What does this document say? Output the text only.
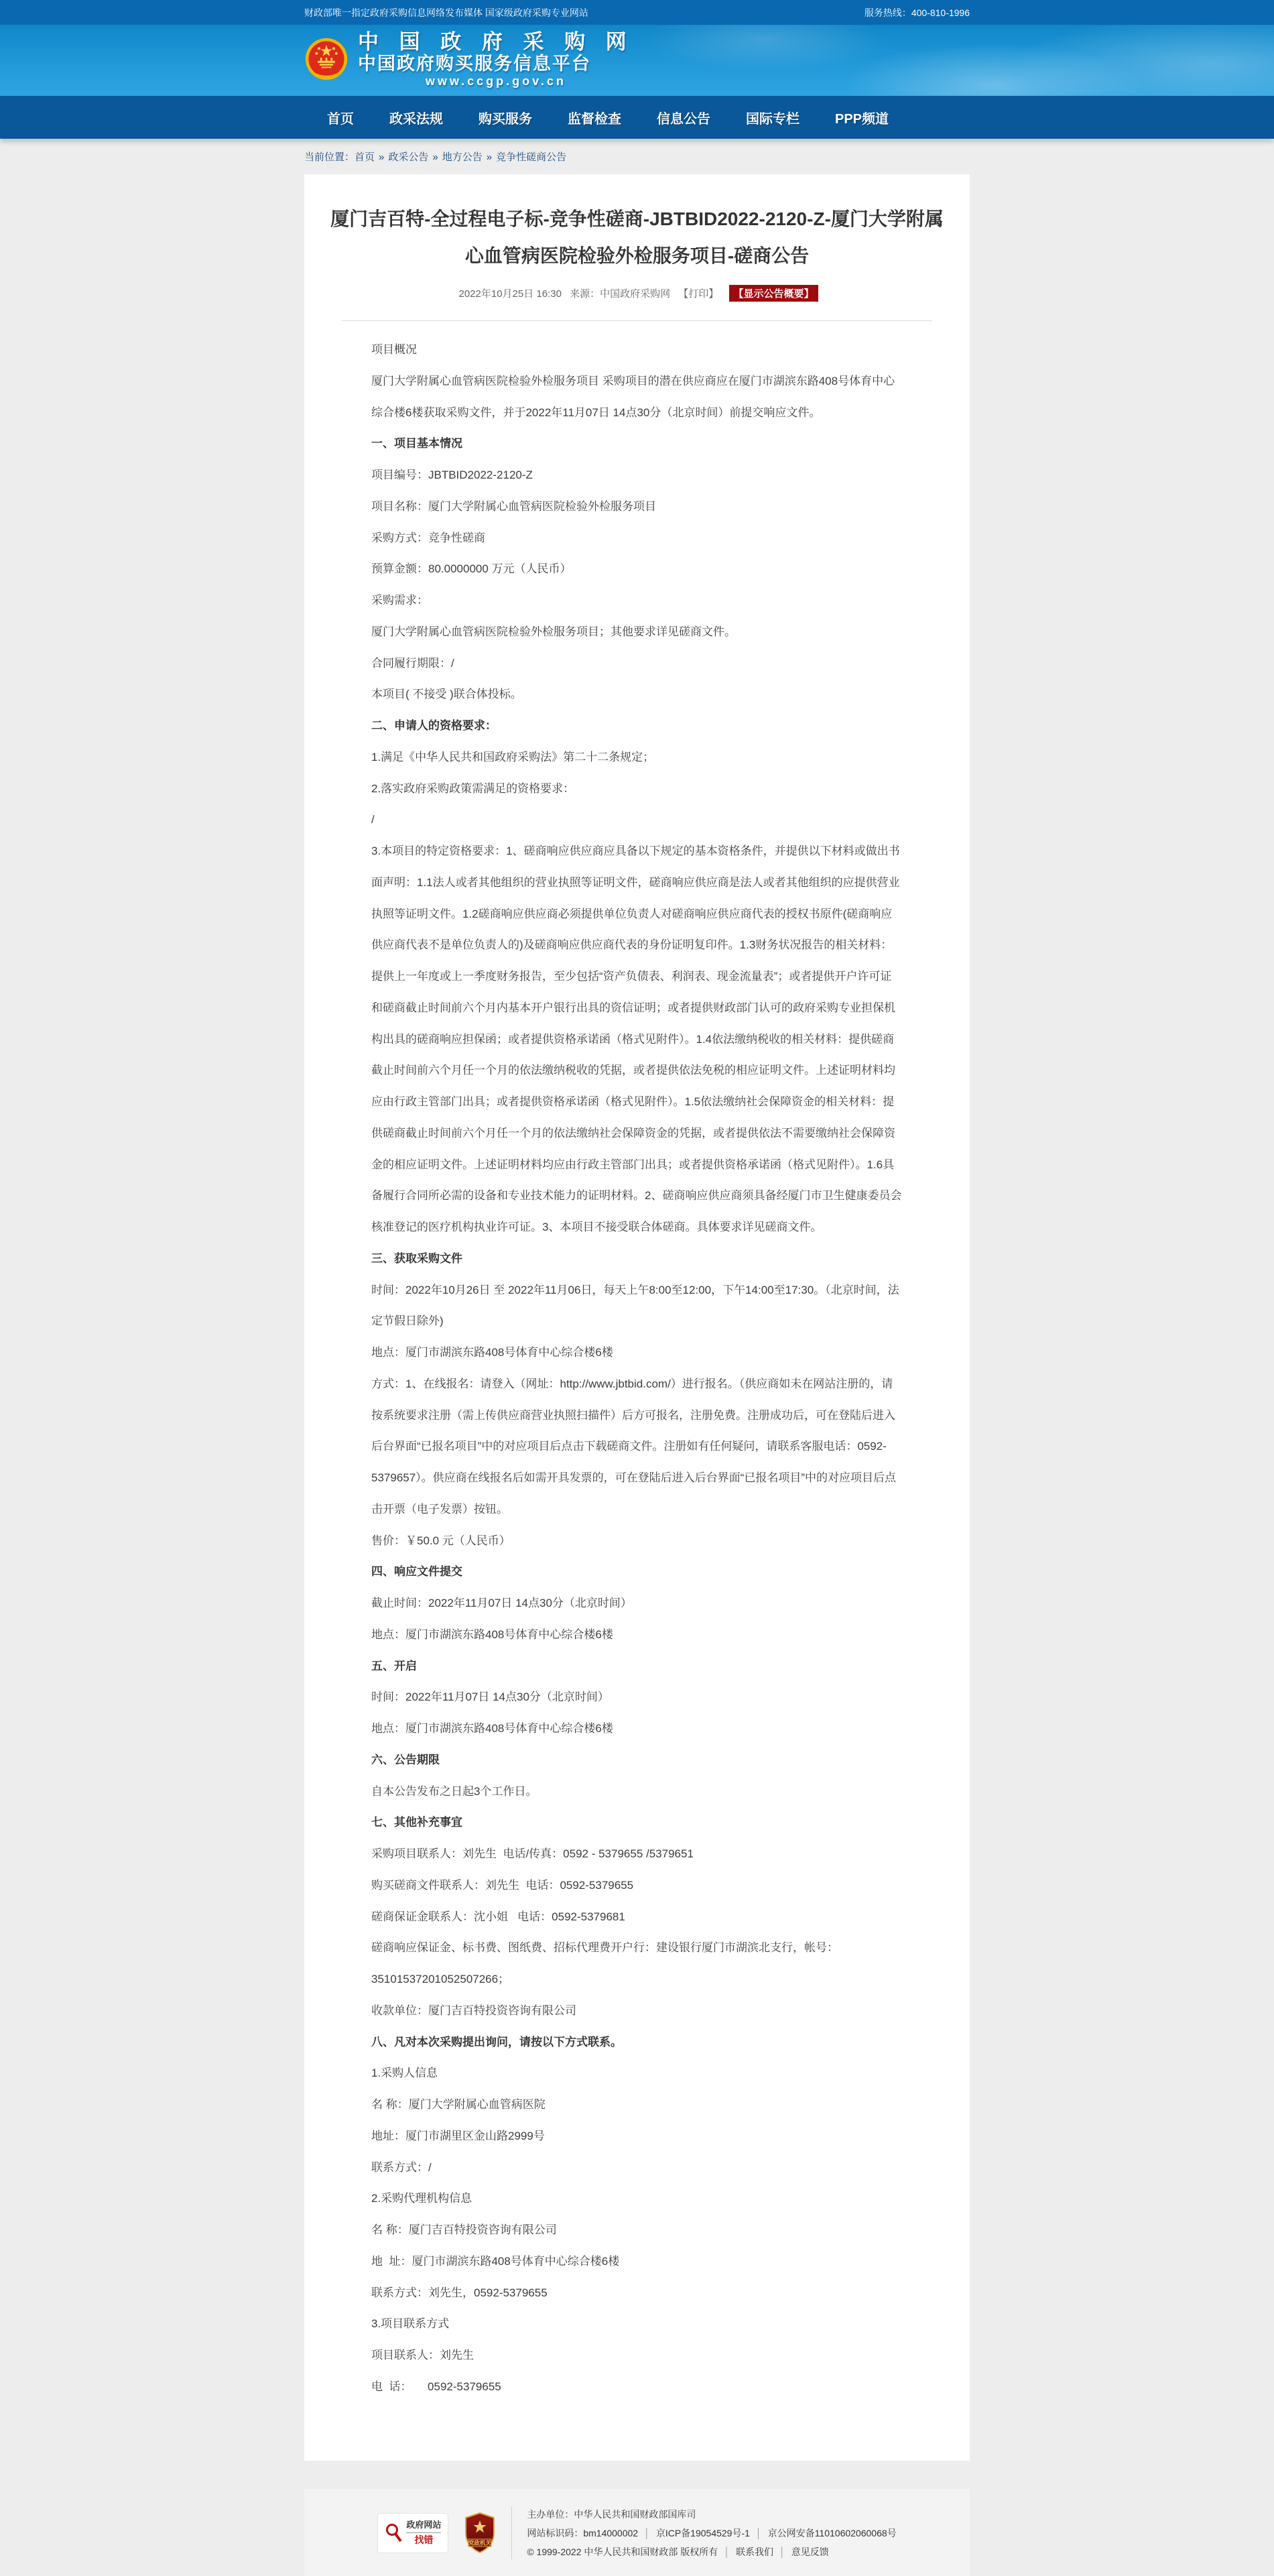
财政部唯一指定政府采购信息网络发布媒体 国家级政府采购专业网站	服务热线：400-810-1996
中 国 政 府 采 购 网
中国政府购买服务信息平台
www.ccgp.gov.cn
首页	政采法规	购买服务	监督检查	信息公告	国际专栏	PPP频道
当前位置：首页 » 政采公告 » 地方公告 » 竞争性磋商公告
厦门吉百特-全过程电子标-竞争性磋商-JBTBID2022-2120-Z-厦门大学附属心血管病医院检验外检服务项目-磋商公告
2022年10月25日 16:30 来源：中国政府采购网 【打印】 【显示公告概要】

项目概况

厦门大学附属心血管病医院检验外检服务项目 采购项目的潜在供应商应在厦门市湖滨东路408号体育中心综合楼6楼获取采购文件，并于2022年11月07日 14点30分（北京时间）前提交响应文件。

一、项目基本情况

项目编号：JBTBID2022-2120-Z

项目名称：厦门大学附属心血管病医院检验外检服务项目

采购方式：竞争性磋商

预算金额：80.0000000 万元（人民币）

采购需求：

厦门大学附属心血管病医院检验外检服务项目；其他要求详见磋商文件。

合同履行期限：/

本项目( 不接受 )联合体投标。

二、申请人的资格要求：

1.满足《中华人民共和国政府采购法》第二十二条规定；

2.落实政府采购政策需满足的资格要求：

/

3.本项目的特定资格要求：1、磋商响应供应商应具备以下规定的基本资格条件，并提供以下材料或做出书面声明：1.1法人或者其他组织的营业执照等证明文件，磋商响应供应商是法人或者其他组织的应提供营业执照等证明文件。1.2磋商响应供应商必须提供单位负责人对磋商响应供应商代表的授权书原件(磋商响应供应商代表不是单位负责人的)及磋商响应供应商代表的身份证明复印件。1.3财务状况报告的相关材料：提供上一年度或上一季度财务报告，至少包括“资产负债表、利润表、现金流量表”；或者提供开户许可证和磋商截止时间前六个月内基本开户银行出具的资信证明；或者提供财政部门认可的政府采购专业担保机构出具的磋商响应担保函；或者提供资格承诺函（格式见附件）。1.4依法缴纳税收的相关材料：提供磋商截止时间前六个月任一个月的依法缴纳税收的凭据，或者提供依法免税的相应证明文件。上述证明材料均应由行政主管部门出具；或者提供资格承诺函（格式见附件）。1.5依法缴纳社会保障资金的相关材料：提供磋商截止时间前六个月任一个月的依法缴纳社会保障资金的凭据，或者提供依法不需要缴纳社会保障资金的相应证明文件。上述证明材料均应由行政主管部门出具；或者提供资格承诺函（格式见附件）。1.6具备履行合同所必需的设备和专业技术能力的证明材料。2、磋商响应供应商须具备经厦门市卫生健康委员会核准登记的医疗机构执业许可证。3、本项目不接受联合体磋商。具体要求详见磋商文件。

三、获取采购文件

时间：2022年10月26日 至 2022年11月06日，每天上午8:00至12:00，下午14:00至17:30。（北京时间，法定节假日除外)

地点：厦门市湖滨东路408号体育中心综合楼6楼

方式：1、在线报名：请登入（网址：http://www.jbtbid.com/）进行报名。（供应商如未在网站注册的，请按系统要求注册（需上传供应商营业执照扫描件）后方可报名，注册免费。注册成功后，可在登陆后进入后台界面“已报名项目”中的对应项目后点击下载磋商文件。注册如有任何疑问，请联系客服电话：0592-5379657）。供应商在线报名后如需开具发票的，可在登陆后进入后台界面“已报名项目”中的对应项目后点击开票（电子发票）按钮。

售价：￥50.0 元（人民币）

四、响应文件提交

截止时间：2022年11月07日 14点30分（北京时间）

地点：厦门市湖滨东路408号体育中心综合楼6楼

五、开启

时间：2022年11月07日 14点30分（北京时间）

地点：厦门市湖滨东路408号体育中心综合楼6楼

六、公告期限

自本公告发布之日起3个工作日。

七、其他补充事宜

采购项目联系人：刘先生  电话/传真：0592 - 5379655 /5379651

购买磋商文件联系人：刘先生  电话：0592-5379655

磋商保证金联系人：沈小姐   电话：0592-5379681

磋商响应保证金、标书费、图纸费、招标代理费开户行：建设银行厦门市湖滨北支行，帐号：35101537201052507266；

收款单位：厦门吉百特投资咨询有限公司

八、凡对本次采购提出询问，请按以下方式联系。

1.采购人信息

名 称：厦门大学附属心血管病医院

地址：厦门市湖里区金山路2999号

联系方式：/

2.采购代理机构信息

名 称：厦门吉百特投资咨询有限公司

地  址：厦门市湖滨东路408号体育中心综合楼6楼

联系方式：刘先生，0592-5379655

3.项目联系方式

项目联系人：刘先生

电  话：     0592-5379655

政府网站
找错	党政机关
主办单位：中华人民共和国财政部国库司
网站标识码：bm14000002 │ 京ICP备19054529号-1 │ 京公网安备11010602060068号
© 1999-2022 中华人民共和国财政部 版权所有 │ 联系我们 │ 意见反馈
